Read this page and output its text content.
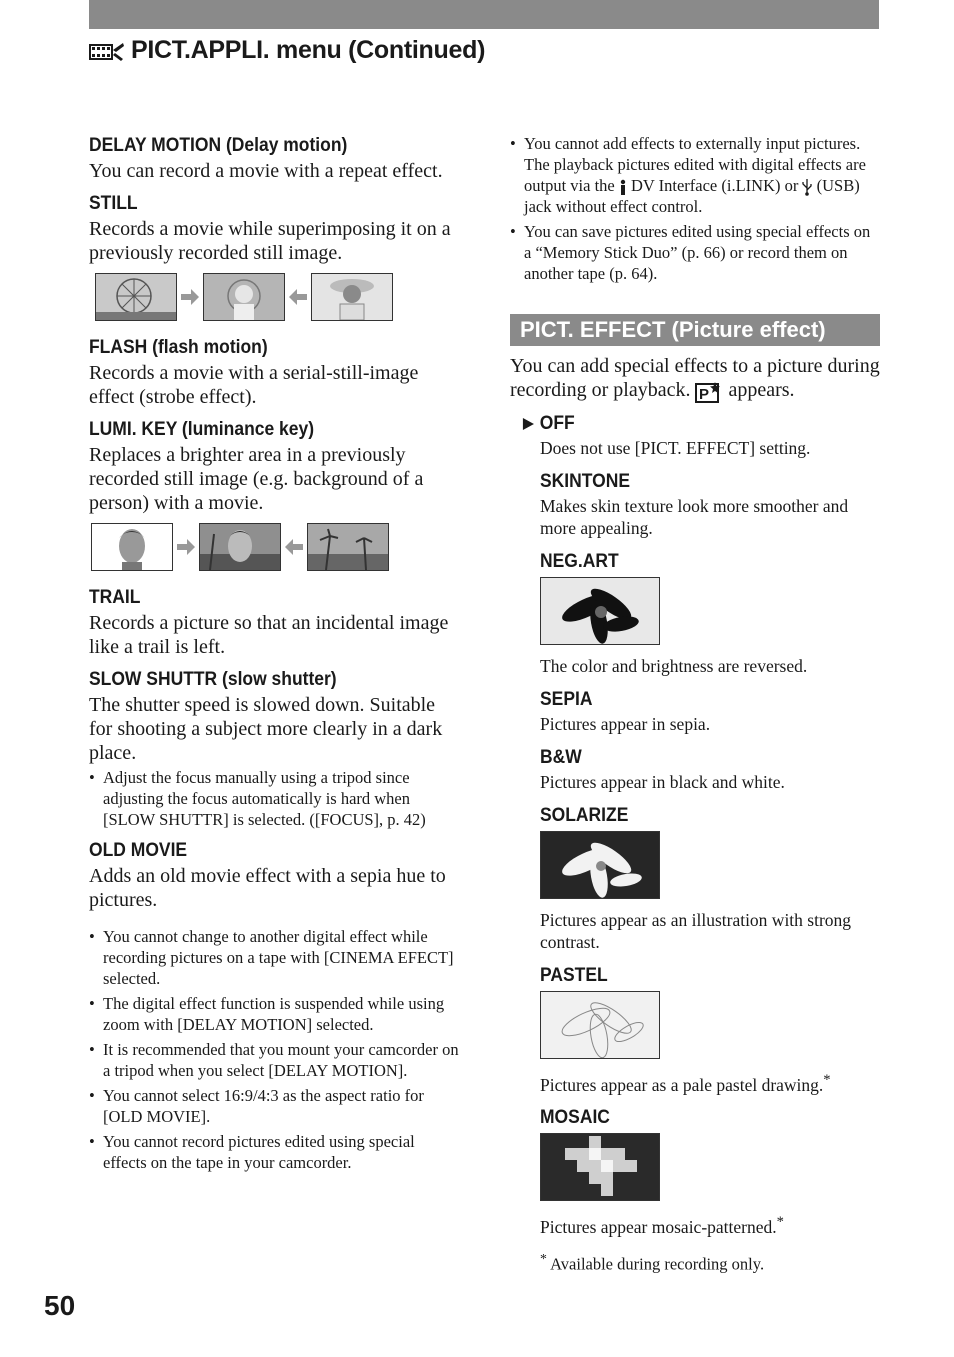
PICT.APPLI. menu (Continued)
DELAY MOTION (Delay motion)

You can record a movie with a repeat effect.

STILL

Records a movie while superimposing it on a previously recorded still image.

FLASH (flash motion)

Records a movie with a serial-still-image effect (strobe effect).

LUMI. KEY (luminance key)

Replaces a brighter area in a previously recorded still image (e.g. background of a person) with a movie.

TRAIL

Records a picture so that an incidental image like a trail is left.

SLOW SHUTTR (slow shutter)

The shutter speed is slowed down. Suitable for shooting a subject more clearly in a dark place.

• Adjust the focus manually using a tripod since adjusting the focus automatically is hard when [SLOW SHUTTR] is selected. ([FOCUS], p. 42)
OLD MOVIE

Adds an old movie effect with a sepia hue to pictures.

• You cannot change to another digital effect while recording pictures on a tape with [CINEMA EFECT] selected.
• The digital effect function is suspended while using zoom with [DELAY MOTION] selected.
• It is recommended that you mount your camcorder on a tripod when you select [DELAY MOTION].
• You cannot select 16:9/4:3 as the aspect ratio for [OLD MOVIE].
• You cannot record pictures edited using special effects on the tape in your camcorder.
• You cannot add effects to externally input pictures. The playback pictures edited with digital effects are output via the DV Interface (i.LINK) or (USB) jack without effect control.
• You can save pictures edited using special effects on a “Memory Stick Duo” (p. 66) or record them on another tape (p. 64).
PICT. EFFECT (Picture effect)

You can add special effects to a picture during recording or playback. P appears.

OFF

Does not use [PICT. EFFECT] setting.

SKINTONE

Makes skin texture look more smoother and more appealing.

NEG.ART

The color and brightness are reversed.

SEPIA

Pictures appear in sepia.

B&W

Pictures appear in black and white.

SOLARIZE

Pictures appear as an illustration with strong contrast.

PASTEL

Pictures appear as a pale pastel drawing.*

MOSAIC

Pictures appear mosaic-patterned.*

* Available during recording only.

50
